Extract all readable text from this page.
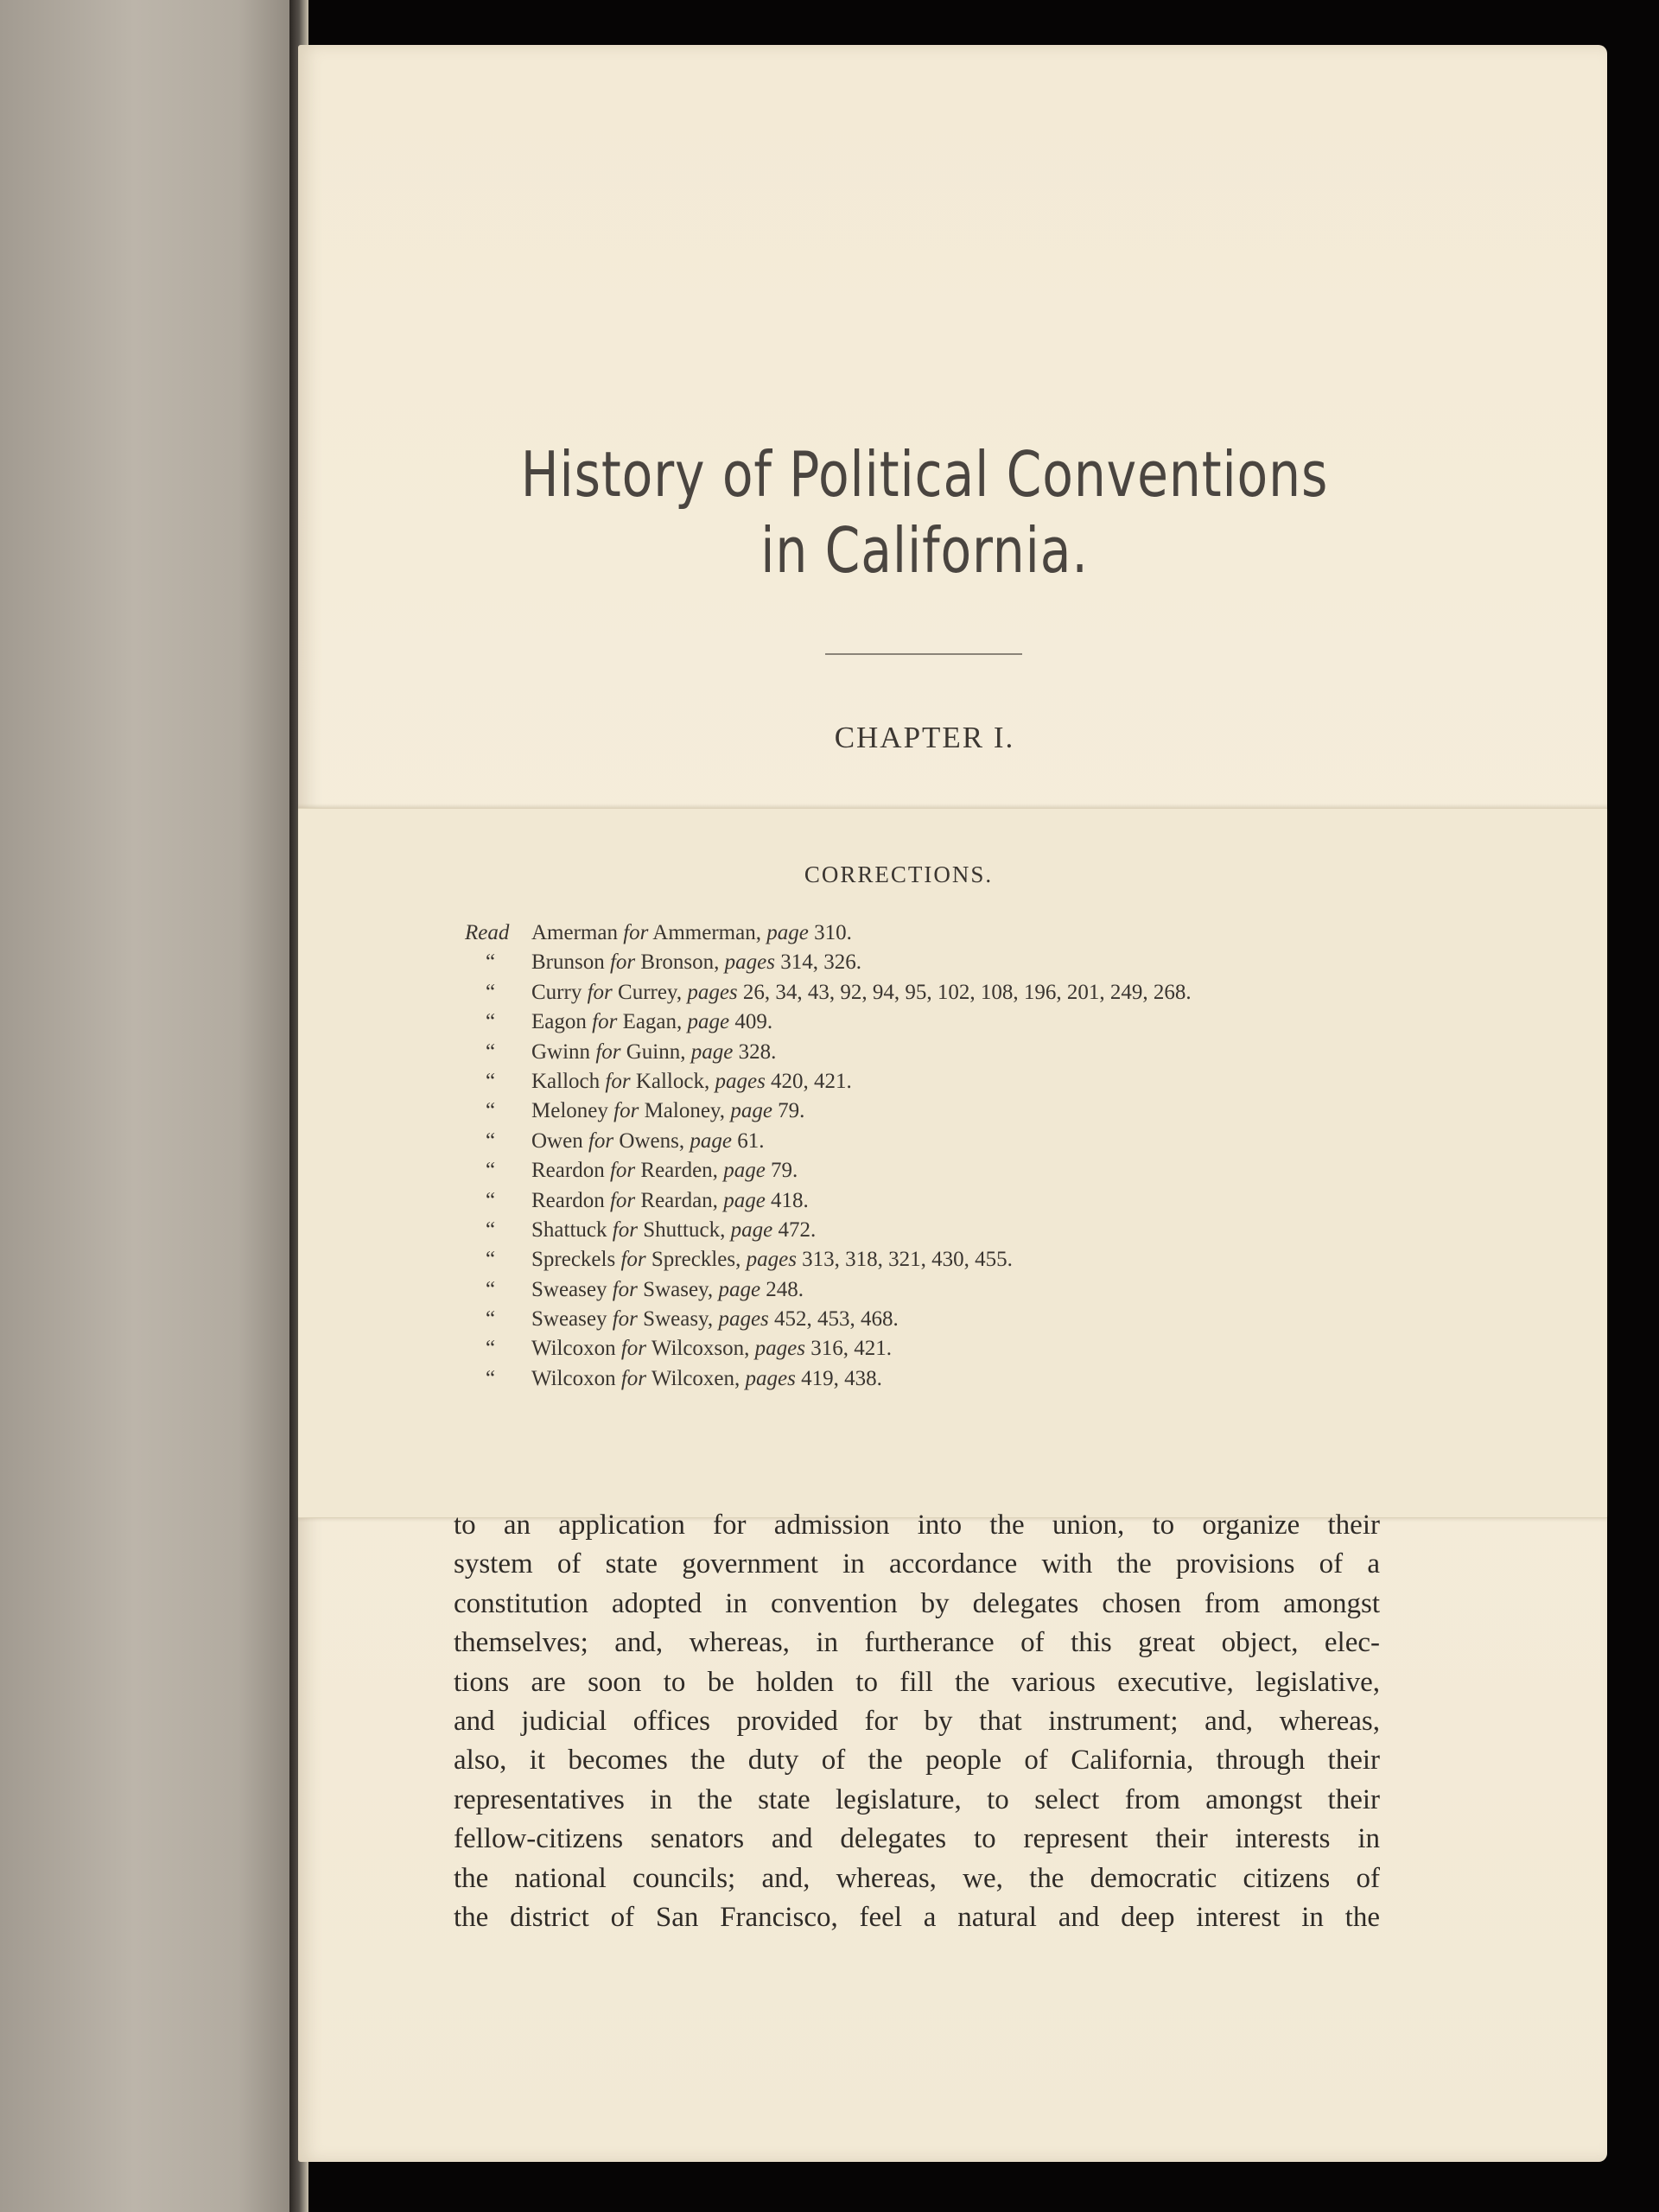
History of Political Conventions
in California.
CHAPTER I.
CORRECTIONS.
Read Amerman for Ammerman, page 310.
“ Brunson for Bronson, pages 314, 326.
“ Curry for Currey, pages 26, 34, 43, 92, 94, 95, 102, 108, 196, 201, 249, 268.
“ Eagon for Eagan, page 409.
“ Gwinn for Guinn, page 328.
“ Kalloch for Kallock, pages 420, 421.
“ Meloney for Maloney, page 79.
“ Owen for Owens, page 61.
“ Reardon for Rearden, page 79.
“ Reardon for Reardan, page 418.
“ Shattuck for Shuttuck, page 472.
“ Spreckels for Spreckles, pages 313, 318, 321, 430, 455.
“ Sweasey for Swasey, page 248.
“ Sweasey for Sweasy, pages 452, 453, 468.
“ Wilcoxon for Wilcoxson, pages 316, 421.
“ Wilcoxon for Wilcoxen, pages 419, 438.
to an application for admission into the union, to organize their
system of state government in accordance with the provisions of a
constitution adopted in convention by delegates chosen from amongst
themselves; and, whereas, in furtherance of this great object, elec-
tions are soon to be holden to fill the various executive, legislative,
and judicial offices provided for by that instrument; and, whereas,
also, it becomes the duty of the people of California, through their
representatives in the state legislature, to select from amongst their
fellow-citizens senators and delegates to represent their interests in
the national councils; and, whereas, we, the democratic citizens of
the district of San Francisco, feel a natural and deep interest in the
